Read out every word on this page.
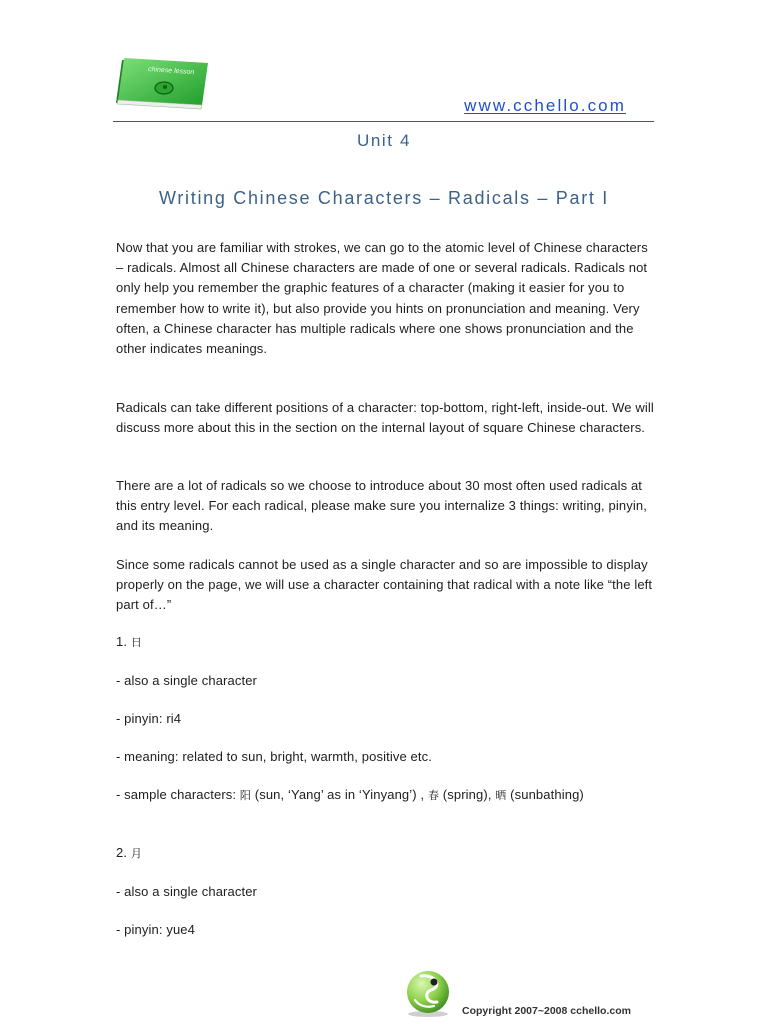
chinese lesson
www.cchello.com
Unit 4
Writing Chinese Characters – Radicals – Part I
Now that you are familiar with strokes, we can go to the atomic level of Chinese characters – radicals. Almost all Chinese characters are made of one or several radicals. Radicals not only help you remember the graphic features of a character (making it easier for you to remember how to write it), but also provide you hints on pronunciation and meaning. Very often, a Chinese character has multiple radicals where one shows pronunciation and the other indicates meanings.
Radicals can take different positions of a character: top-bottom, right-left, inside-out. We will discuss more about this in the section on the internal layout of square Chinese characters.
There are a lot of radicals so we choose to introduce about 30 most often used radicals at this entry level. For each radical, please make sure you internalize 3 things: writing, pinyin, and its meaning.
Since some radicals cannot be used as a single character and so are impossible to display properly on the page, we will use a character containing that radical with a note like “the left part of…”
1. 日
- also a single character
- pinyin: ri4
- meaning: related to sun, bright, warmth, positive etc.
- sample characters: 阳 (sun, ‘Yang’ as in ‘Yinyang’) , 春 (spring), 晒 (sunbathing)
2. 月
- also a single character
- pinyin: yue4
Copyright 2007~2008 cchello.com
